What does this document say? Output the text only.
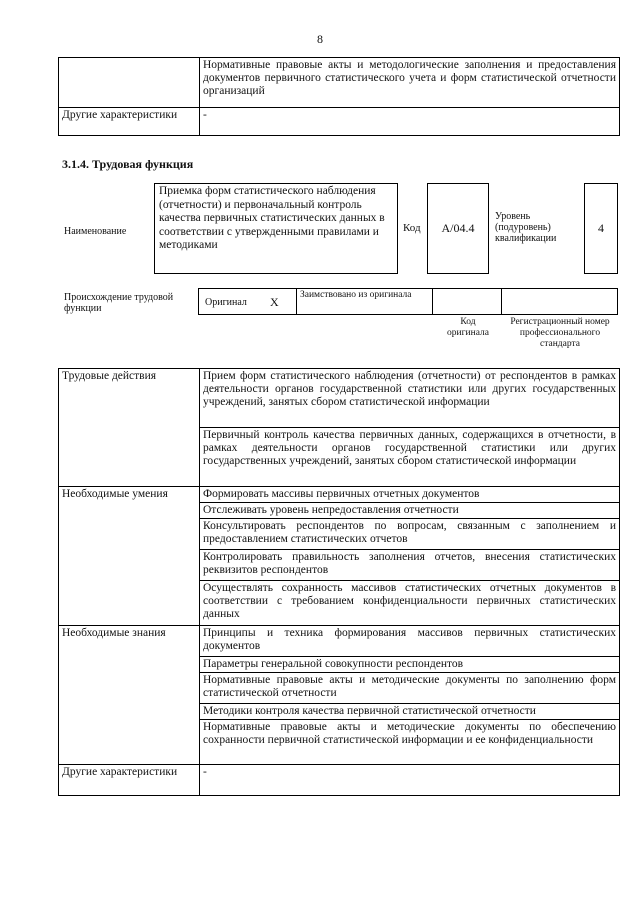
8
	Нормативные правовые акты и методологические заполнения и предоставления документов первичного статистического учета и форм статистической отчетности организаций
Другие характеристики	-
3.1.4. Трудовая функция
Наименование
Приемка форм статистического наблюдения (отчетности) и первоначальный контроль качества первичных статистических данных в соответствии с утвержденными правилами и методиками
Код	А/04.4
Уровень (подуровень) квалификации
4
Происхождение трудовой функции
Оригинал X Заимствовано из оригинала
Код оригинала
Регистрационный номер профессионального стандарта
Трудовые действия	Прием форм статистического наблюдения (отчетности) от респондентов в рамках деятельности органов государственной статистики или других государственных учреждений, занятых сбором статистической информации
	Первичный контроль качества первичных данных, содержащихся в отчетности, в рамках деятельности органов государственной статистики или других государственных учреждений, занятых сбором статистической информации
Необходимые умения	Формировать массивы первичных отчетных документов
	Отслеживать уровень непредоставления отчетности
	Консультировать респондентов по вопросам, связанным с заполнением и предоставлением статистических отчетов
	Контролировать правильность заполнения отчетов, внесения статистических реквизитов респондентов
	Осуществлять сохранность массивов статистических отчетных документов в соответствии с требованием конфиденциальности первичных статистических данных
Необходимые знания	Принципы и техника формирования массивов первичных статистических документов
	Параметры генеральной совокупности респондентов
	Нормативные правовые акты и методические документы по заполнению форм статистической отчетности
	Методики контроля качества первичной статистической отчетности
	Нормативные правовые акты и методические документы по обеспечению сохранности первичной статистической информации и ее конфиденциальности
Другие характеристики	-
